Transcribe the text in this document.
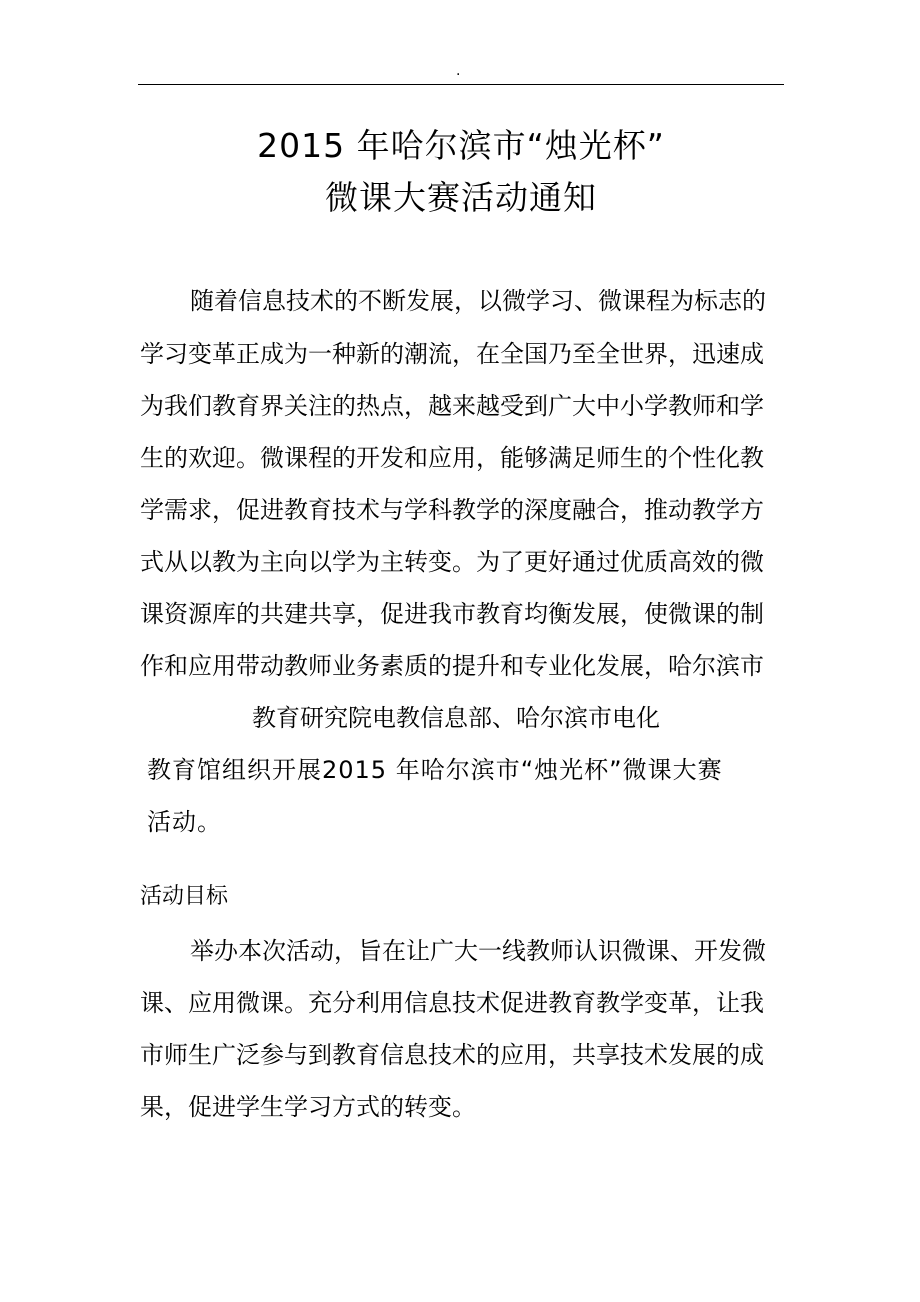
.
2015 年哈尔滨市“烛光杯”
微课大赛活动通知
随着信息技术的不断发展，以微学习、微课程为标志的
学习变革正成为一种新的潮流，在全国乃至全世界，迅速成
为我们教育界关注的热点，越来越受到广大中小学教师和学
生的欢迎。微课程的开发和应用，能够满足师生的个性化教
学需求，促进教育技术与学科教学的深度融合，推动教学方
式从以教为主向以学为主转变。为了更好通过优质高效的微
课资源库的共建共享，促进我市教育均衡发展，使微课的制
作和应用带动教师业务素质的提升和专业化发展，哈尔滨市
教育研究院电教信息部、哈尔滨市电化
教育馆组织开展2015 年哈尔滨市“烛光杯”微课大赛
活动。
活动目标
举办本次活动，旨在让广大一线教师认识微课、开发微
课、应用微课。充分利用信息技术促进教育教学变革，让我
市师生广泛参与到教育信息技术的应用，共享技术发展的成
果，促进学生学习方式的转变。
